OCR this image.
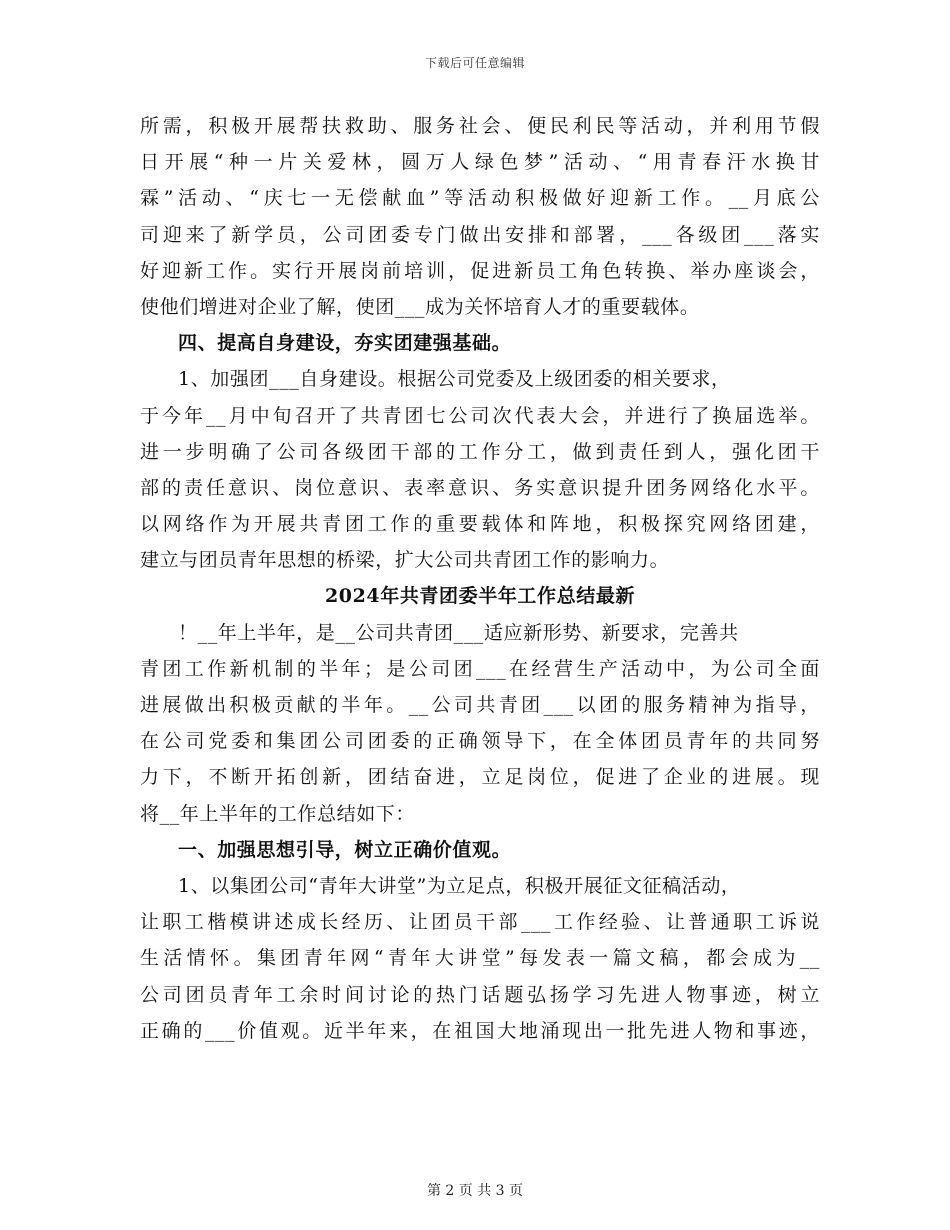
下载后可任意编辑
所需，积极开展帮扶救助、服务社会、便民利民等活动，并利用节假
日开展“种一片关爱林，圆万人绿色梦”活动、“用青春汗水换甘
霖”活动、“庆七一无偿献血”等活动积极做好迎新工作。__月底公
司迎来了新学员，公司团委专门做出安排和部署，___各级团___落实
好迎新工作。实行开展岗前培训，促进新员工角色转换、举办座谈会，
使他们增进对企业了解，使团___成为关怀培育人才的重要载体。
四、提高自身建设，夯实团建强基础。
1、加强团___自身建设。根据公司党委及上级团委的相关要求，
于今年__月中旬召开了共青团七公司次代表大会，并进行了换届选举。
进一步明确了公司各级团干部的工作分工，做到责任到人，强化团干
部的责任意识、岗位意识、表率意识、务实意识提升团务网络化水平。
以网络作为开展共青团工作的重要载体和阵地，积极探究网络团建，
建立与团员青年思想的桥梁，扩大公司共青团工作的影响力。
2024年共青团委半年工作总结最新
！__年上半年，是__公司共青团___适应新形势、新要求，完善共
青团工作新机制的半年；是公司团___在经营生产活动中，为公司全面
进展做出积极贡献的半年。__公司共青团___以团的服务精神为指导，
在公司党委和集团公司团委的正确领导下，在全体团员青年的共同努
力下，不断开拓创新，团结奋进，立足岗位，促进了企业的进展。现
将__年上半年的工作总结如下：
一、加强思想引导，树立正确价值观。
1、以集团公司“青年大讲堂”为立足点，积极开展征文征稿活动，
让职工楷模讲述成长经历、让团员干部___工作经验、让普通职工诉说
生活情怀。集团青年网“青年大讲堂”每发表一篇文稿，都会成为__
公司团员青年工余时间讨论的热门话题弘扬学习先进人物事迹，树立
正确的___价值观。近半年来，在祖国大地涌现出一批先进人物和事迹，
第 2 页 共 3 页
